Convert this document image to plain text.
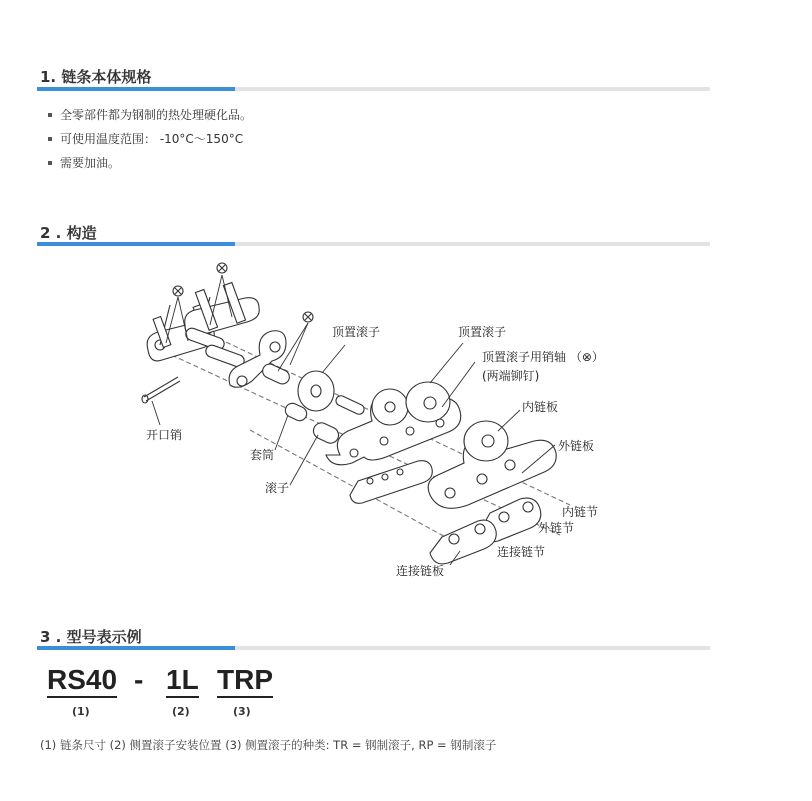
1. 链条本体规格
全零部件都为钢制的热处理硬化品。
可使用温度范围： -10°C～150°C
需要加油。
2 . 构造
开口销
套筒
滚子
顶置滚子	顶置滚子
顶置滚子用销轴 （⊗）
(两端铆钉)
内链板
外链板
内链节
外链节
连接链节
连接链板
3 . 型号表示例
RS40 - 1L TRP
(1)	(2)	(3)
(1) 链条尺寸 (2) 侧置滚子安装位置 (3) 侧置滚子的种类: TR = 钢制滚子, RP = 钢制滚子
